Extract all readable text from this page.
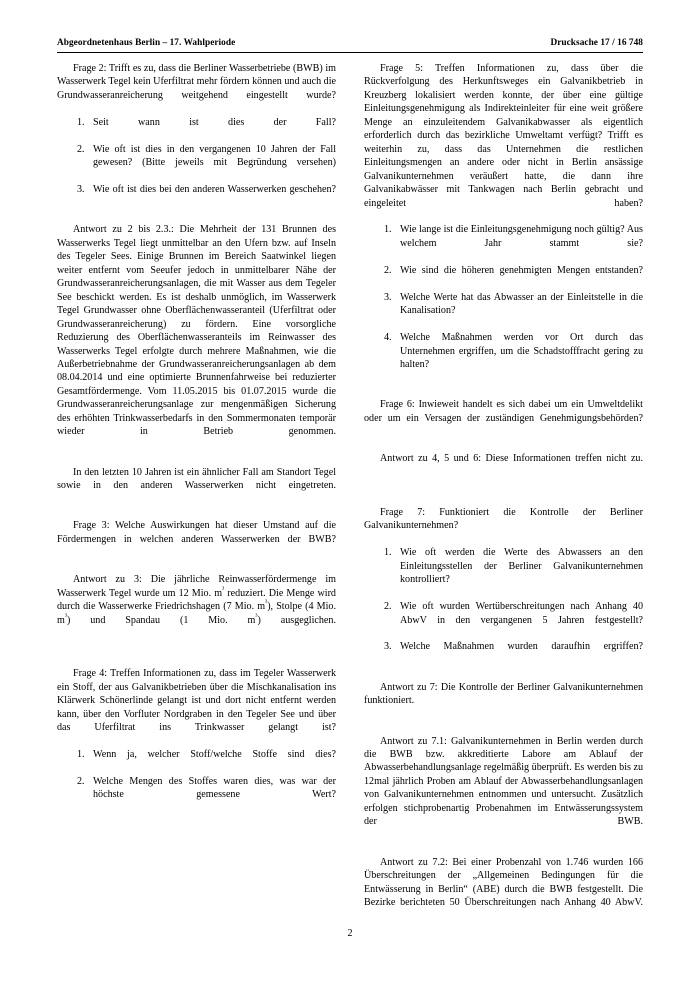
Abgeordnetenhaus Berlin – 17. Wahlperiode	Drucksache 17 / 16 748

Frage 2: Trifft es zu, dass die Berliner Wasserbetriebe (BWB) im Wasserwerk Tegel kein Uferfiltrat mehr fördern können und auch die Grundwasseranreicherung weitgehend eingestellt wurde?

1. Seit wann ist dies der Fall?
2. Wie oft ist dies in den vergangenen 10 Jahren der Fall gewesen? (Bitte jeweils mit Begründung versehen)
3. Wie oft ist dies bei den anderen Wasserwerken geschehen?

Antwort zu 2 bis 2.3.: Die Mehrheit der 131 Brunnen des Wasserwerks Tegel liegt unmittelbar an den Ufern bzw. auf Inseln des Tegeler Sees. Einige Brunnen im Bereich Saatwinkel liegen weiter entfernt vom Seeufer jedoch in unmittelbarer Nähe der Grundwasseranreicherungsanlagen, die mit Wasser aus dem Tegeler See beschickt werden. Es ist deshalb unmöglich, im Wasserwerk Tegel Grundwasser ohne Oberflächenwasseranteil (Uferfiltrat oder Grundwasseranreicherung) zu fördern. Eine vorsorgliche Reduzierung des Oberflächenwasseranteils im Reinwasser des Wasserwerks Tegel erfolgte durch mehrere Maßnahmen, wie die Außerbetriebnahme der Grundwasseranreicherungsanlagen ab dem 08.04.2014 und eine optimierte Brunnenfahrweise bei reduzierter Gesamtfördermenge. Vom 11.05.2015 bis 01.07.2015 wurde die Grundwasseranreicherungsanlage zur mengenmäßigen Sicherung des erhöhten Trinkwasserbedarfs in den Sommermonaten temporär wieder in Betrieb genommen.

In den letzten 10 Jahren ist ein ähnlicher Fall am Standort Tegel sowie in den anderen Wasserwerken nicht eingetreten.

Frage 3: Welche Auswirkungen hat dieser Umstand auf die Fördermengen in welchen anderen Wasserwerken der BWB?

Antwort zu 3: Die jährliche Reinwasserfördermenge im Wasserwerk Tegel wurde um 12 Mio. $m^{^3}$ reduziert. Die Menge wird durch die Wasserwerke Friedrichshagen (7 Mio. $m^{^3}$), Stolpe (4 Mio. $m^{^3}$) und Spandau (1 Mio. $m^{^3}$) ausgeglichen.

Frage 4: Treffen Informationen zu, dass im Tegeler Wasserwerk ein Stoff, der aus Galvanikbetrieben über die Mischkanalisation ins Klärwerk Schönerlinde gelangt ist und dort nicht entfernt werden kann, über den Vorfluter Nordgraben in den Tegeler See und über das Uferfiltrat ins Trinkwasser gelangt ist?

1. Wenn ja, welcher Stoff/welche Stoffe sind dies?
2. Welche Mengen des Stoffes waren dies, was war der höchste gemessene Wert?

Frage 5: Treffen Informationen zu, dass über die Rückverfolgung des Herkunftsweges ein Galvanikbetrieb in Kreuzberg lokalisiert werden konnte, der über eine gültige Einleitungsgenehmigung als Indirekteinleiter für eine weit größere Menge an einzuleitendem Galvanikabwasser als eigentlich erforderlich durch das bezirkliche Umweltamt verfügt? Trifft es weiterhin zu, dass das Unternehmen die restlichen Einleitungsmengen an andere oder nicht in Berlin ansässige Galvanikunternehmen veräußert hatte, die dann ihre Galvanikabwässer mit Tankwagen nach Berlin gebracht und eingeleitet haben?

1. Wie lange ist die Einleitungsgenehmigung noch gültig? Aus welchem Jahr stammt sie?
2. Wie sind die höheren genehmigten Mengen entstanden?
3. Welche Werte hat das Abwasser an der Einleitstelle in die Kanalisation?
4. Welche Maßnahmen werden vor Ort durch das Unternehmen ergriffen, um die Schadstofffracht gering zu halten?

Frage 6: Inwieweit handelt es sich dabei um ein Umweltdelikt oder um ein Versagen der zuständigen Genehmigungsbehörden?

Antwort zu 4, 5 und 6: Diese Informationen treffen nicht zu.

Frage 7: Funktioniert die Kontrolle der Berliner Galvanikunternehmen?

1. Wie oft werden die Werte des Abwassers an den Einleitungsstellen der Berliner Galvanikunternehmen kontrolliert?
2. Wie oft wurden Wertüberschreitungen nach Anhang 40 AbwV in den vergangenen 5 Jahren festgestellt?
3. Welche Maßnahmen wurden daraufhin ergriffen?

Antwort zu 7: Die Kontrolle der Berliner Galvanikunternehmen funktioniert.

Antwort zu 7.1: Galvanikunternehmen in Berlin werden durch die BWB bzw. akkreditierte Labore am Ablauf der Abwasserbehandlungsanlage regelmäßig überprüft. Es werden bis zu 12mal jährlich Proben am Ablauf der Abwasserbehandlungsanlagen von Galvanikunternehmen entnommen und untersucht. Zusätzlich erfolgen stichprobenartig Probenahmen im Entwässerungssystem der BWB.

Antwort zu 7.2: Bei einer Probenzahl von 1.746 wurden 166 Überschreitungen der „Allgemeinen Bedingungen für die Entwässerung in Berlin“ (ABE) durch die BWB festgestellt. Die Bezirke berichteten 50 Überschreitungen nach Anhang 40 AbwV.

2
